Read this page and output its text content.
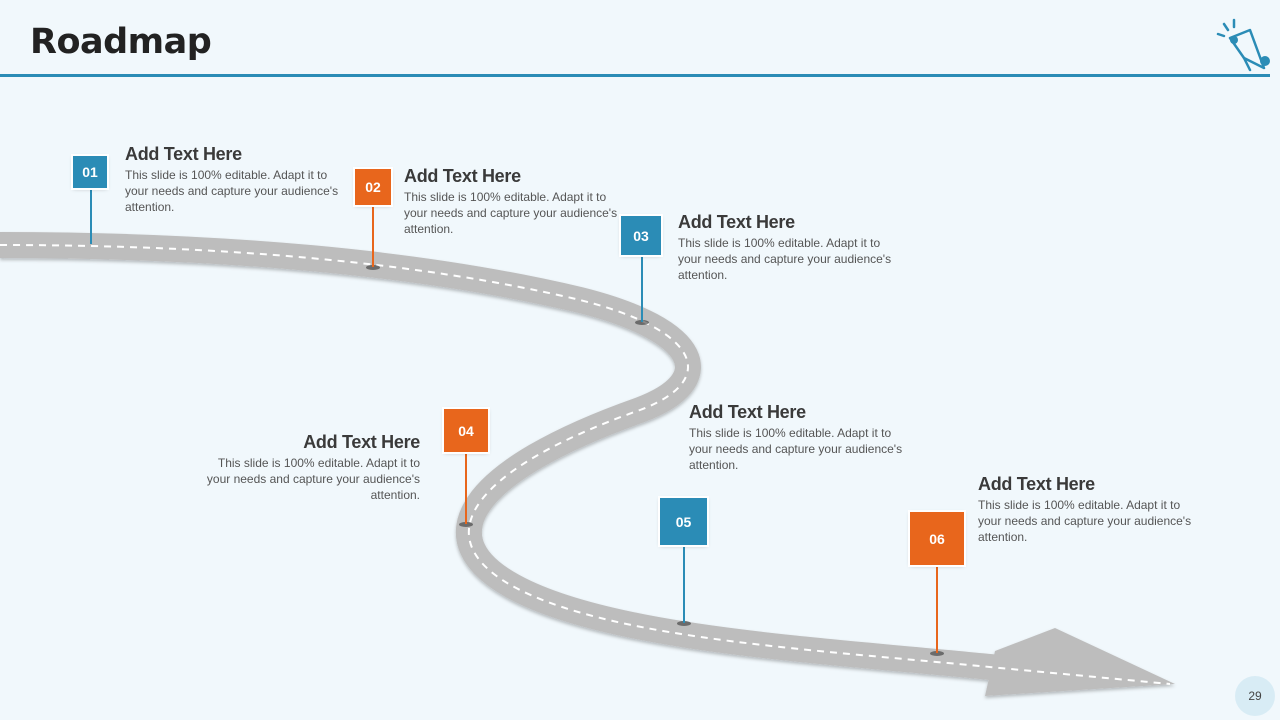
Roadmap
01
Add Text Here

This slide is 100% editable. Adapt it to your needs and capture your audience's attention.

02
Add Text Here

This slide is 100% editable. Adapt it to your needs and capture your audience's attention.	03
Add Text Here

This slide is 100% editable. Adapt it to your needs and capture your audience's attention.

04
Add Text Here

This slide is 100% editable. Adapt it to your needs and capture your audience's attention.

05
Add Text Here

This slide is 100% editable. Adapt it to your needs and capture your audience's attention.

06
Add Text Here

This slide is 100% editable. Adapt it to your needs and capture your audience's attention.

29
